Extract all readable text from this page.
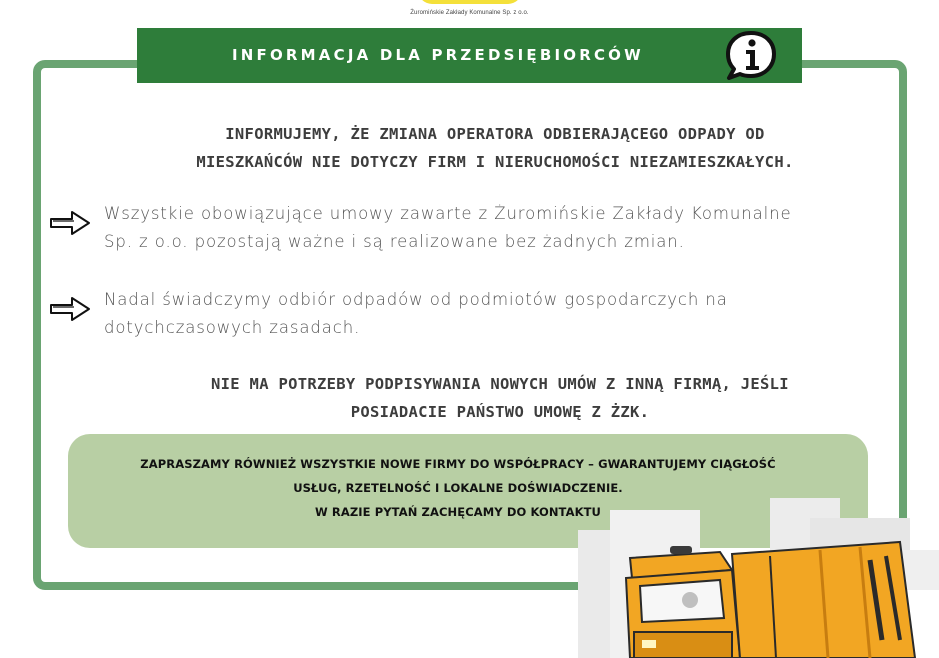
Żuromińskie Zakłady Komunalne Sp. z o.o.
INFORMACJA DLA PRZEDSIĘBIORCÓW
INFORMUJEMY, ŻE ZMIANA OPERATORA ODBIERAJĄCEGO ODPADY OD
MIESZKAŃCÓW NIE DOTYCZY FIRM I NIERUCHOMOŚCI NIEZAMIESZKAŁYCH.
Wszystkie obowiązujące umowy zawarte z Żuromińskie Zakłady Komunalne
Sp. z o.o. pozostają ważne i są realizowane bez żadnych zmian.
Nadal świadczymy odbiór odpadów od podmiotów gospodarczych na
dotychczasowych zasadach.
NIE MA POTRZEBY PODPISYWANIA NOWYCH UMÓW Z INNĄ FIRMĄ, JEŚLI
POSIADACIE PAŃSTWO UMOWĘ Z ŻZK.
ZAPRASZAMY RÓWNIEŻ WSZYSTKIE NOWE FIRMY DO WSPÓŁPRACY – GWARANTUJEMY CIĄGŁOŚĆ
USŁUG, RZETELNOŚĆ I LOKALNE DOŚWIADCZENIE.
W RAZIE PYTAŃ ZACHĘCAMY DO KONTAKTU
